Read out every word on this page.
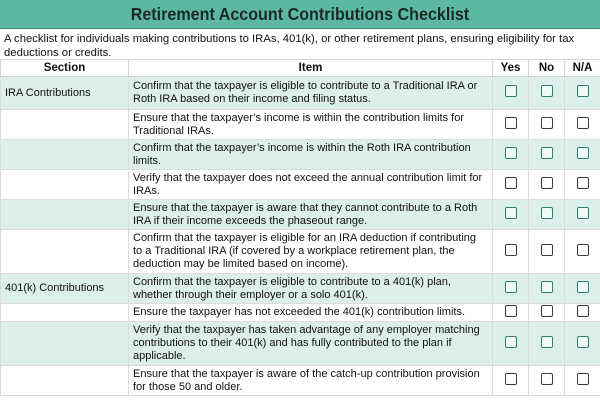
Retirement Account Contributions Checklist
A checklist for individuals making contributions to IRAs, 401(k), or other retirement plans, ensuring eligibility for tax deductions or credits.
Section	Item	Yes	No	N/A
IRA Contributions	Confirm that the taxpayer is eligible to contribute to a Traditional IRA or Roth IRA based on their income and filing status.			
	Ensure that the taxpayer’s income is within the contribution limits for Traditional IRAs.			
	Confirm that the taxpayer’s income is within the Roth IRA contribution limits.			
	Verify that the taxpayer does not exceed the annual contribution limit for IRAs.			
	Ensure that the taxpayer is aware that they cannot contribute to a Roth IRA if their income exceeds the phaseout range.			
	Confirm that the taxpayer is eligible for an IRA deduction if contributing to a Traditional IRA (if covered by a workplace retirement plan, the deduction may be limited based on income).			
401(k) Contributions	Confirm that the taxpayer is eligible to contribute to a 401(k) plan, whether through their employer or a solo 401(k).			
	Ensure the taxpayer has not exceeded the 401(k) contribution limits.			
	Verify that the taxpayer has taken advantage of any employer matching contributions to their 401(k) and has fully contributed to the plan if applicable.			
	Ensure that the taxpayer is aware of the catch-up contribution provision for those 50 and older.			
